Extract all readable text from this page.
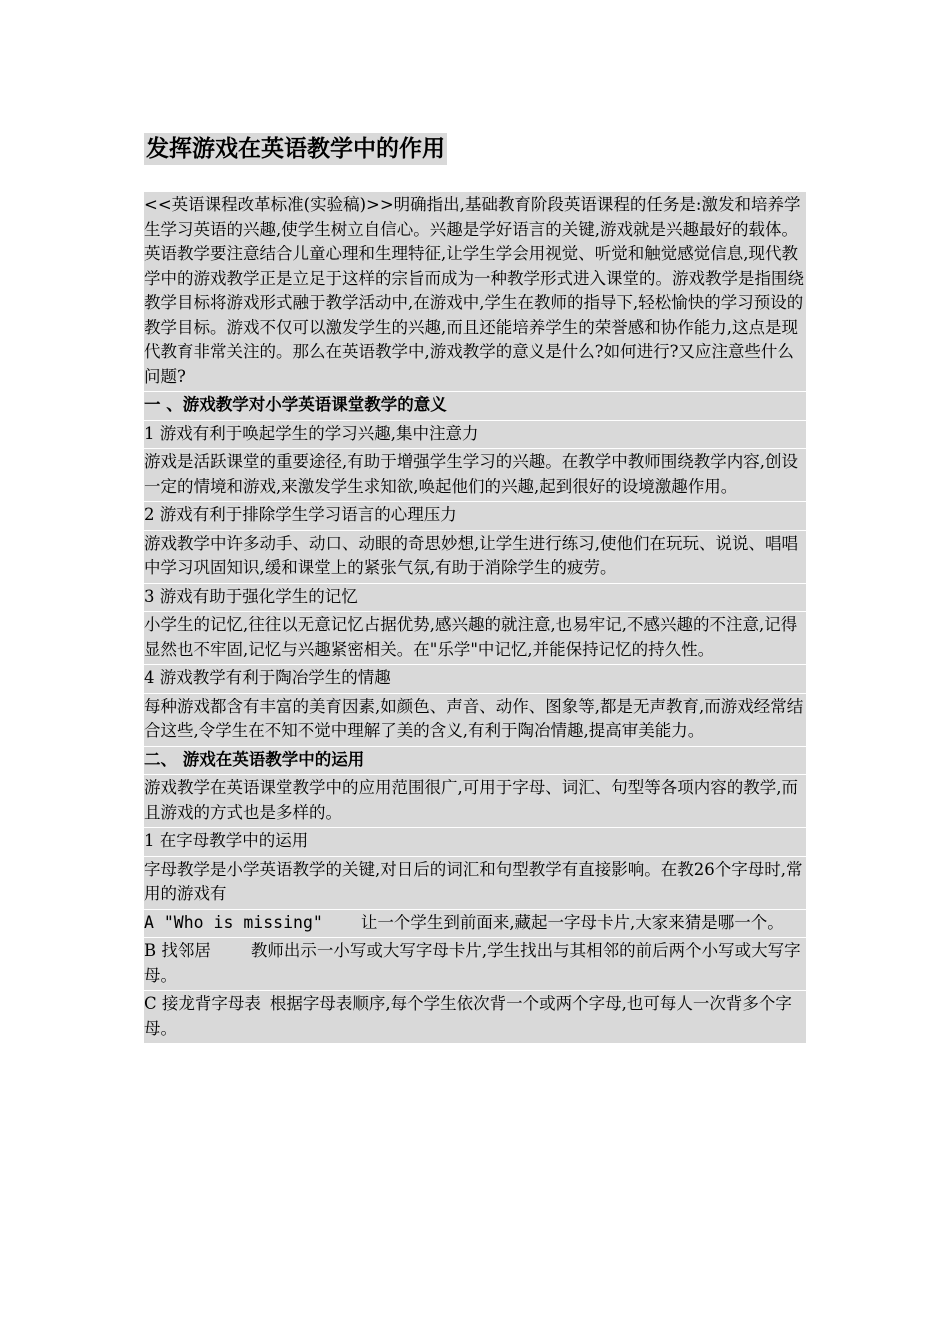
发挥游戏在英语教学中的作用
<<英语课程改革标准(实验稿)>>明确指出,基础教育阶段英语课程的任务是:激发和培养学生学习英语的兴趣,使学生树立自信心。兴趣是学好语言的关键,游戏就是兴趣最好的载体。英语教学要注意结合儿童心理和生理特征,让学生学会用视觉、听觉和触觉感觉信息,现代教学中的游戏教学正是立足于这样的宗旨而成为一种教学形式进入课堂的。游戏教学是指围绕教学目标将游戏形式融于教学活动中,在游戏中,学生在教师的指导下,轻松愉快的学习预设的教学目标。游戏不仅可以激发学生的兴趣,而且还能培养学生的荣誉感和协作能力,这点是现代教育非常关注的。那么在英语教学中,游戏教学的意义是什么?如何进行?又应注意些什么问题?
一 、游戏教学对小学英语课堂教学的意义
1 游戏有利于唤起学生的学习兴趣,集中注意力
游戏是活跃课堂的重要途径,有助于增强学生学习的兴趣。在教学中教师围绕教学内容,创设一定的情境和游戏,来激发学生求知欲,唤起他们的兴趣,起到很好的设境激趣作用。
2 游戏有利于排除学生学习语言的心理压力
游戏教学中许多动手、动口、动眼的奇思妙想,让学生进行练习,使他们在玩玩、说说、唱唱中学习巩固知识,缓和课堂上的紧张气氛,有助于消除学生的疲劳。
3 游戏有助于强化学生的记忆
小学生的记忆,往往以无意记忆占据优势,感兴趣的就注意,也易牢记,不感兴趣的不注意,记得显然也不牢固,记忆与兴趣紧密相关。在"乐学"中记忆,并能保持记忆的持久性。
4 游戏教学有利于陶冶学生的情趣
每种游戏都含有丰富的美育因素,如颜色、声音、动作、图象等,都是无声教育,而游戏经常结合这些,令学生在不知不觉中理解了美的含义,有利于陶冶情趣,提高审美能力。
二、 游戏在英语教学中的运用
游戏教学在英语课堂教学中的应用范围很广,可用于字母、词汇、句型等各项内容的教学,而且游戏的方式也是多样的。
1 在字母教学中的运用
字母教学是小学英语教学的关键,对日后的词汇和句型教学有直接影响。在教26个字母时,常用的游戏有
A "Who is missing" 让一个学生到前面来,藏起一字母卡片,大家来猜是哪一个。
B 找邻居 教师出示一小写或大写字母卡片,学生找出与其相邻的前后两个小写或大写字母。
C 接龙背字母表 根据字母表顺序,每个学生依次背一个或两个字母,也可每人一次背多个字母。
